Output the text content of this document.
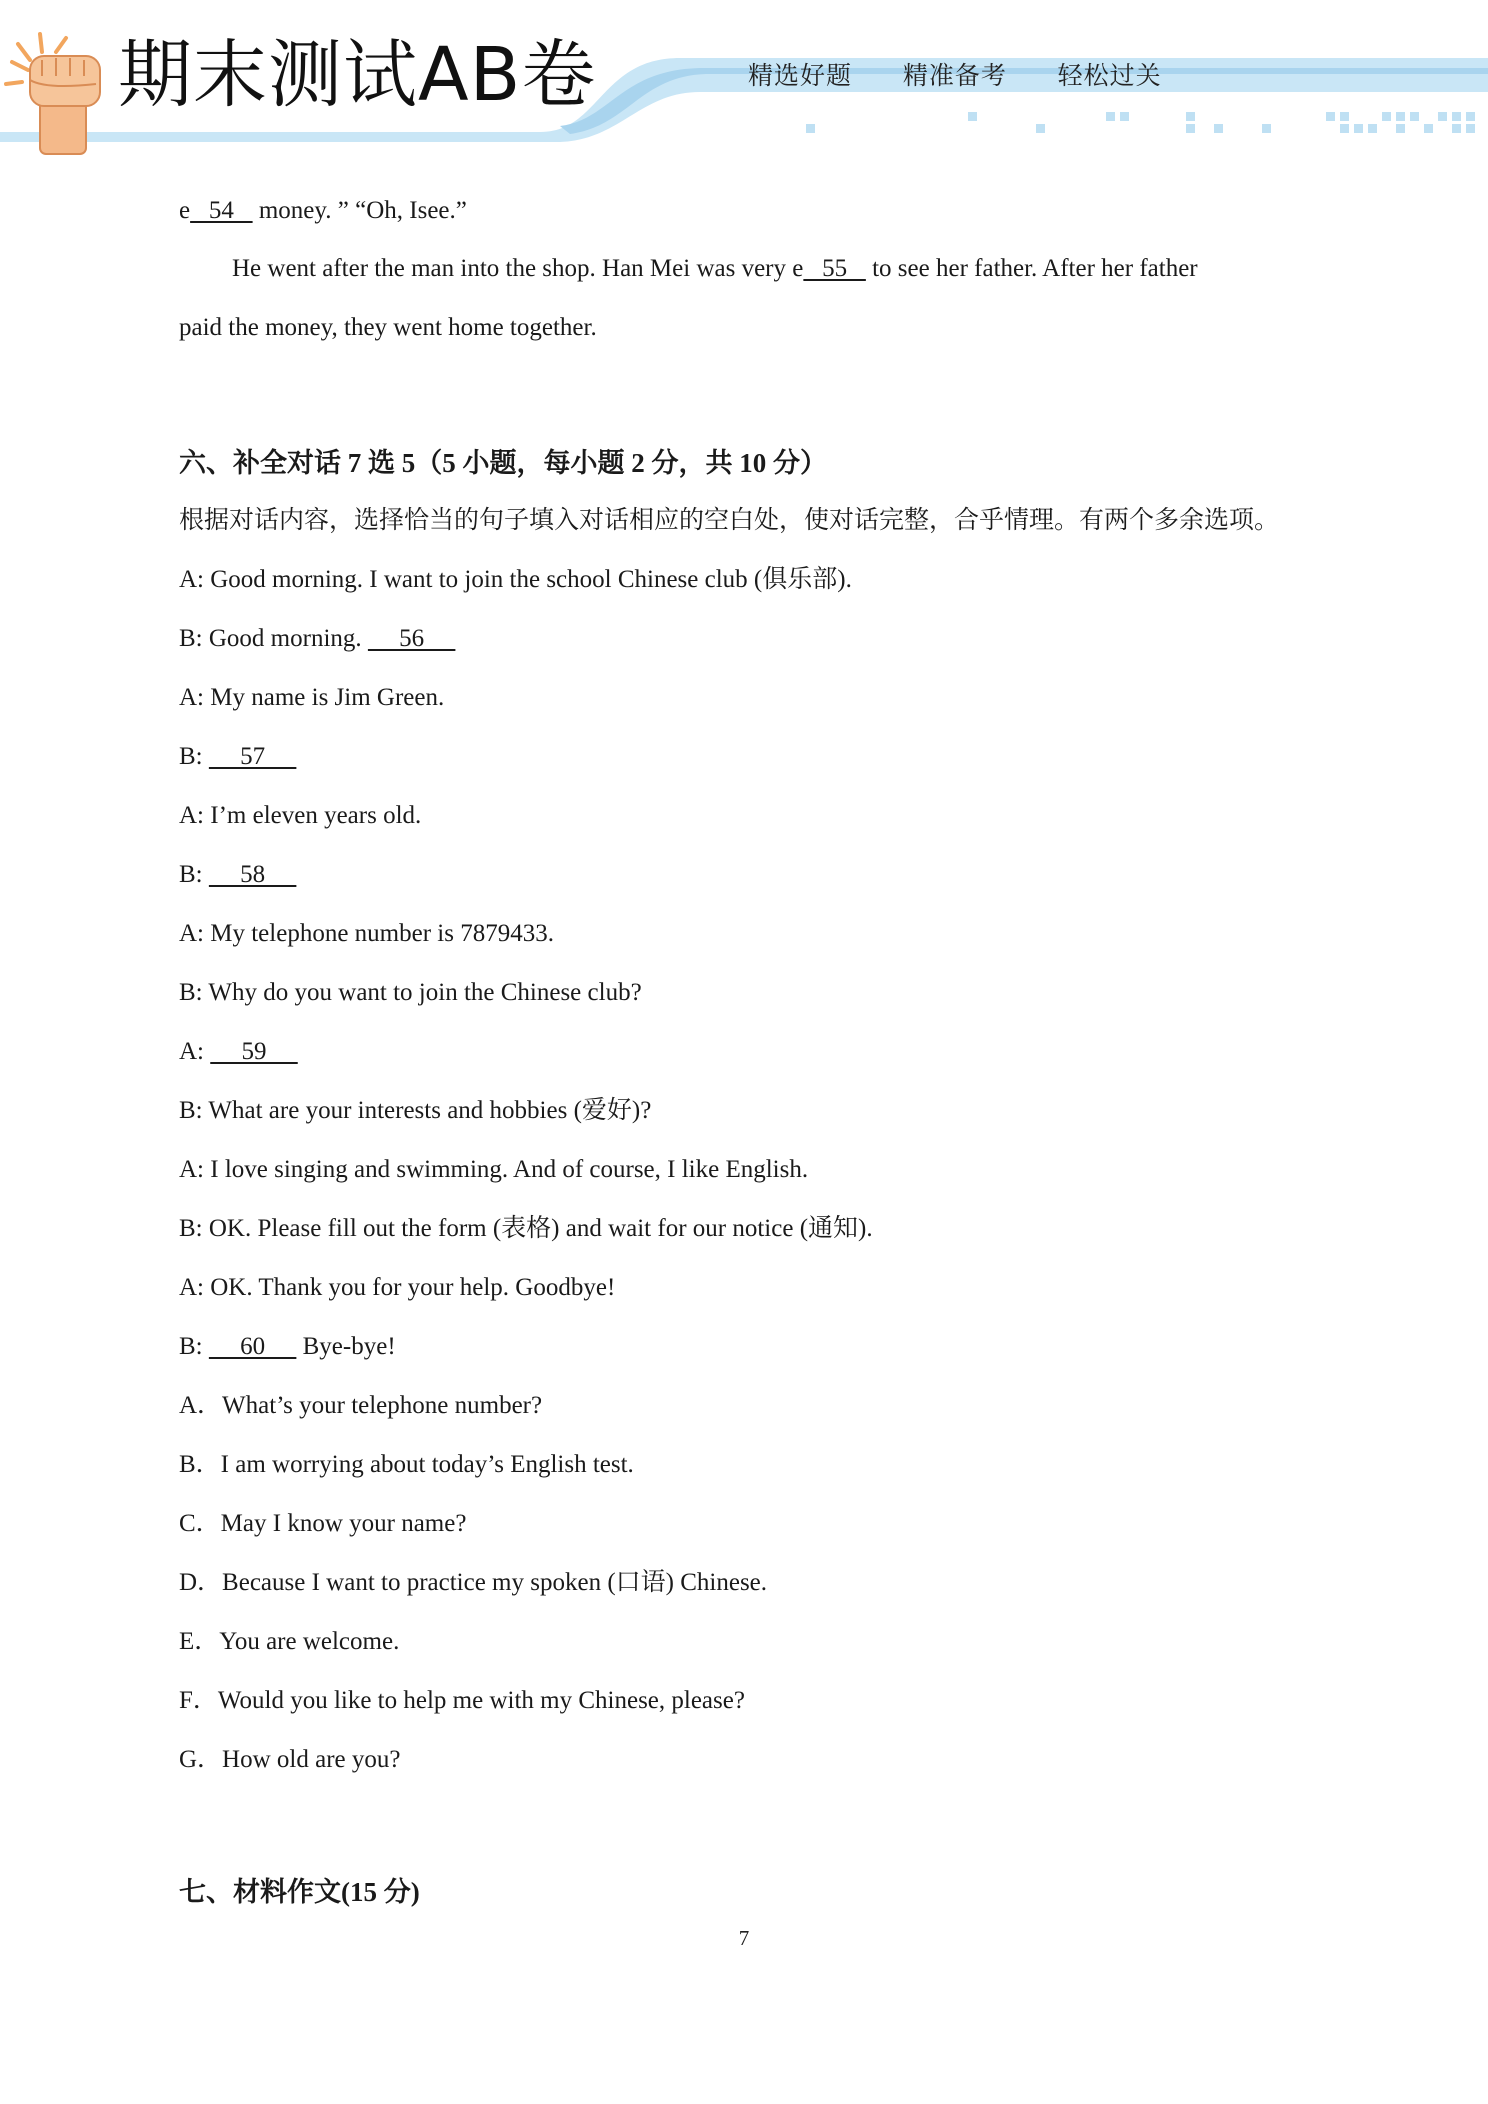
期末测试AB卷	精选好题   精准备考   轻松过关

e   54    money. ” “Oh, Isee.”

He went after the man into the shop. Han Mei was very e   55    to see her father. After her father

paid the money, they went home together.

六、补全对话 7 选 5（5 小题，每小题 2 分，共 10 分）

根据对话内容，选择恰当的句子填入对话相应的空白处，使对话完整，合乎情理。有两个多余选项。

A: Good morning. I want to join the school Chinese club (俱乐部).

B: Good morning.      56

A: My name is Jim Green.

B:      57

A: I’m eleven years old.

B:      58

A: My telephone number is 7879433.

B: Why do you want to join the Chinese club?

A:      59

B: What are your interests and hobbies (爱好)?

A: I love singing and swimming. And of course, I like English.

B: OK. Please fill out the form (表格) and wait for our notice (通知).

A: OK. Thank you for your help. Goodbye!

B:      60      Bye-bye!

A．What’s your telephone number?

B．I am worrying about today’s English test.

C．May I know your name?

D．Because I want to practice my spoken (口语) Chinese.

E．You are welcome.

F．Would you like to help me with my Chinese, please?

G．How old are you?

七、材料作文(15 分)
7
